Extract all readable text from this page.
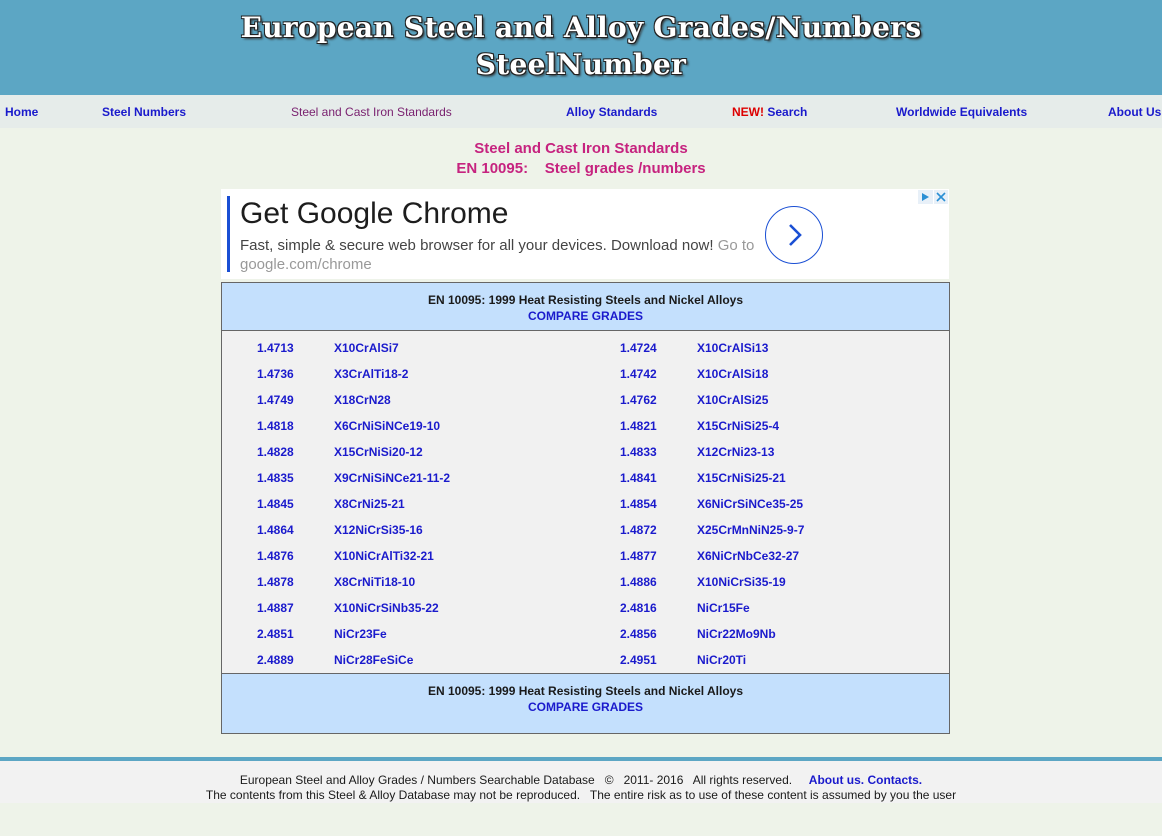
European Steel and Alloy Grades/Numbers
SteelNumber
Home	Steel Numbers	Steel and Cast Iron Standards	Alloy Standards	NEW! Search	Worldwide Equivalents	About Us
Steel and Cast Iron Standards
EN 10095:    Steel grades /numbers
Get Google Chrome
Fast, simple & secure web browser for all your devices. Download now! Go to google.com/chrome
EN 10095: 1999 Heat Resisting Steels and Nickel Alloys
COMPARE GRADES
1.4713	X10CrAlSi7	1.4724	X10CrAlSi13
1.4736	X3CrAlTi18-2	1.4742	X10CrAlSi18
1.4749	X18CrN28	1.4762	X10CrAlSi25
1.4818	X6CrNiSiNCe19-10	1.4821	X15CrNiSi25-4
1.4828	X15CrNiSi20-12	1.4833	X12CrNi23-13
1.4835	X9CrNiSiNCe21-11-2	1.4841	X15CrNiSi25-21
1.4845	X8CrNi25-21	1.4854	X6NiCrSiNCe35-25
1.4864	X12NiCrSi35-16	1.4872	X25CrMnNiN25-9-7
1.4876	X10NiCrAlTi32-21	1.4877	X6NiCrNbCe32-27
1.4878	X8CrNiTi18-10	1.4886	X10NiCrSi35-19
1.4887	X10NiCrSiNb35-22	2.4816	NiCr15Fe
2.4851	NiCr23Fe	2.4856	NiCr22Mo9Nb
2.4889	NiCr28FeSiCe	2.4951	NiCr20Ti
EN 10095: 1999 Heat Resisting Steels and Nickel Alloys
COMPARE GRADES
European Steel and Alloy Grades / Numbers Searchable Database   ©   2011- 2016   All rights reserved.     About us. Contacts.
The contents from this Steel & Alloy Database may not be reproduced.   The entire risk as to use of these content is assumed by you the user
